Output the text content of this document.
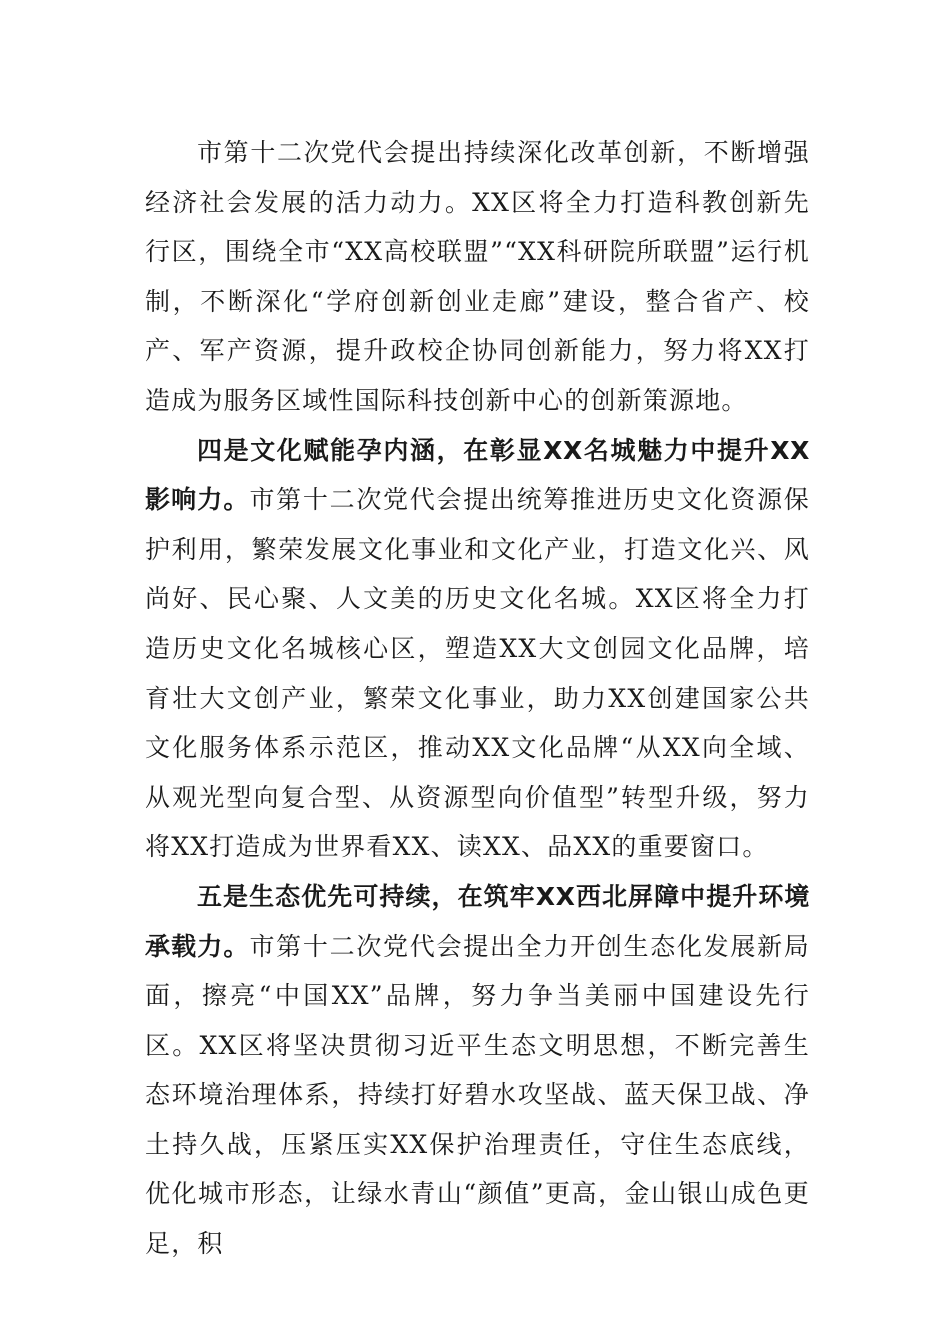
市第十二次党代会提出持续深化改革创新，不断增强经济社会发展的活力动力。XX区将全力打造科教创新先行区，围绕全市“XX高校联盟”“XX科研院所联盟”运行机制，不断深化“学府创新创业走廊”建设，整合省产、校产、军产资源，提升政校企协同创新能力，努力将XX打造成为服务区域性国际科技创新中心的创新策源地。

四是文化赋能孕内涵，在彰显XX名城魅力中提升XX影响力。市第十二次党代会提出统筹推进历史文化资源保护利用，繁荣发展文化事业和文化产业，打造文化兴、风尚好、民心聚、人文美的历史文化名城。XX区将全力打造历史文化名城核心区，塑造XX大文创园文化品牌，培育壮大文创产业，繁荣文化事业，助力XX创建国家公共文化服务体系示范区，推动XX文化品牌“从XX向全域、从观光型向复合型、从资源型向价值型”转型升级，努力将XX打造成为世界看XX、读XX、品XX的重要窗口。

五是生态优先可持续，在筑牢XX西北屏障中提升环境承载力。市第十二次党代会提出全力开创生态化发展新局面，擦亮“中国XX”品牌，努力争当美丽中国建设先行区。XX区将坚决贯彻习近平生态文明思想，不断完善生态环境治理体系，持续打好碧水攻坚战、蓝天保卫战、净土持久战，压紧压实XX保护治理责任，守住生态底线，优化城市形态，让绿水青山“颜值”更高，金山银山成色更足，积
